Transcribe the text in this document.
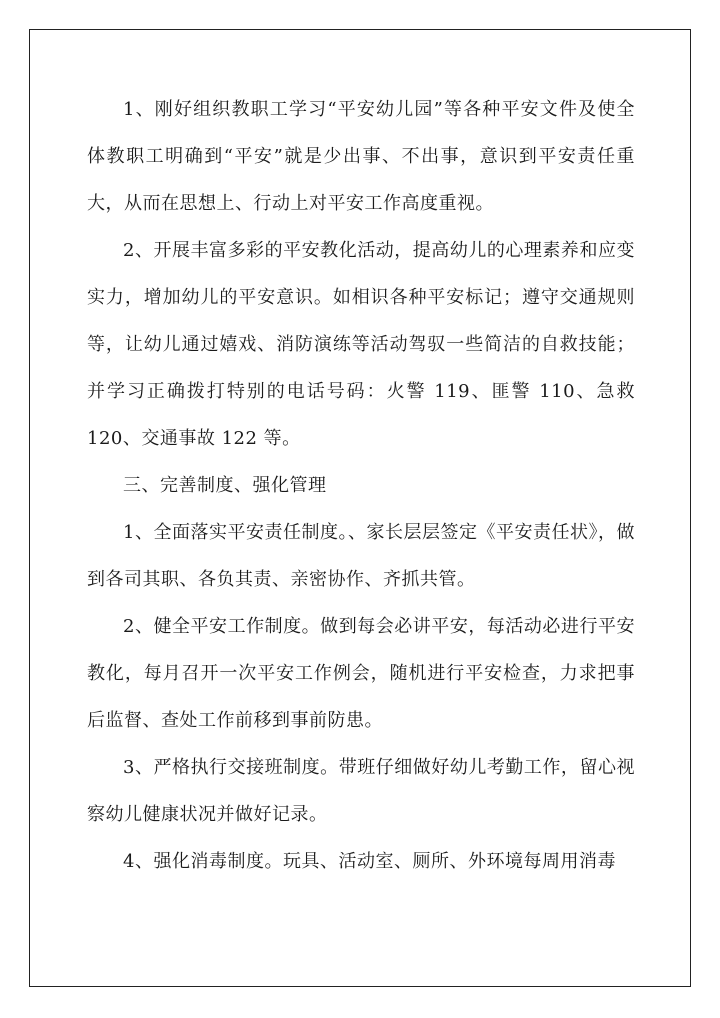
1、刚好组织教职工学习“平安幼儿园”等各种平安文件及使全体教职工明确到“平安”就是少出事、不出事，意识到平安责任重大，从而在思想上、行动上对平安工作高度重视。

2、开展丰富多彩的平安教化活动，提高幼儿的心理素养和应变实力，增加幼儿的平安意识。如相识各种平安标记；遵守交通规则等，让幼儿通过嬉戏、消防演练等活动驾驭一些简洁的自救技能；并学习正确拨打特别的电话号码：火警 119、匪警 110、急救 120、交通事故 122 等。

三、完善制度、强化管理

1、全面落实平安责任制度。、家长层层签定《平安责任状》，做到各司其职、各负其责、亲密协作、齐抓共管。

2、健全平安工作制度。做到每会必讲平安，每活动必进行平安教化，每月召开一次平安工作例会，随机进行平安检查，力求把事后监督、查处工作前移到事前防患。

3、严格执行交接班制度。带班仔细做好幼儿考勤工作，留心视察幼儿健康状况并做好记录。

4、强化消毒制度。玩具、活动室、厕所、外环境每周用消毒
